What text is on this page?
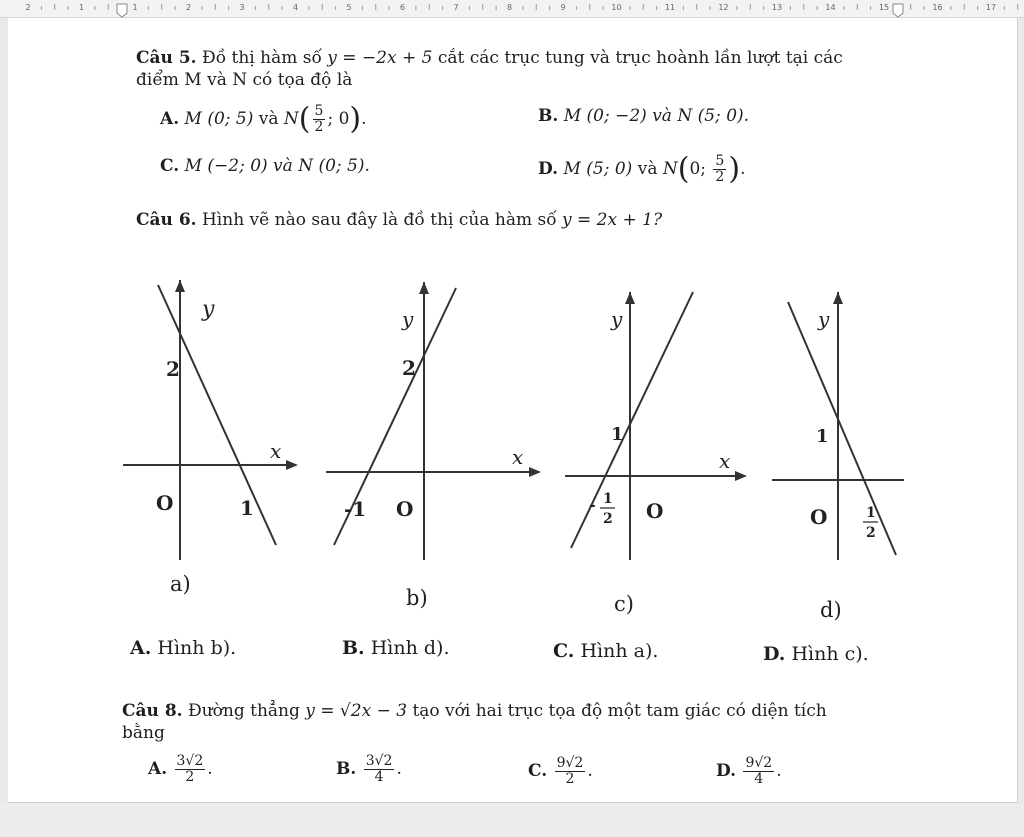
2	1	1	2	3	4	5	6	7	8	9	10	11	12	13	14	15	16	17
Câu 5. Đồ thị hàm số y = −2x + 5 cắt các trục tung và trục hoành lần lượt tại các
điểm M và N có tọa độ là
A. M (0; 5) và $N( \frac{5}{2}$ ; 0).	B. M (0; −2) và N (5; 0).
C. M (−2; 0) và N (0; 5).	D. M (5; 0) và N(0; $\frac{5}{2}$ ).
Câu 6. Hình vẽ nào sau đây là đồ thị của hàm số y = 2x + 1?
y
2
x
O	1
a)
y
2
x
-1 O
b)
y
1
x
- 1
2 O
c)
y
1
O	1
2
d)
A. Hình b).	B. Hình d).	C. Hình a).	D. Hình c).
Câu 8. Đường thẳng y = √2x − 3 tạo với hai trục tọa độ một tam giác có diện tích
bằng
A. $\frac{3√2}{2}$ .	B. $\frac{3√2}{4}$ .	C. $\frac{9√2}{2}$ .	D. $\frac{9√2}{4}$ .
